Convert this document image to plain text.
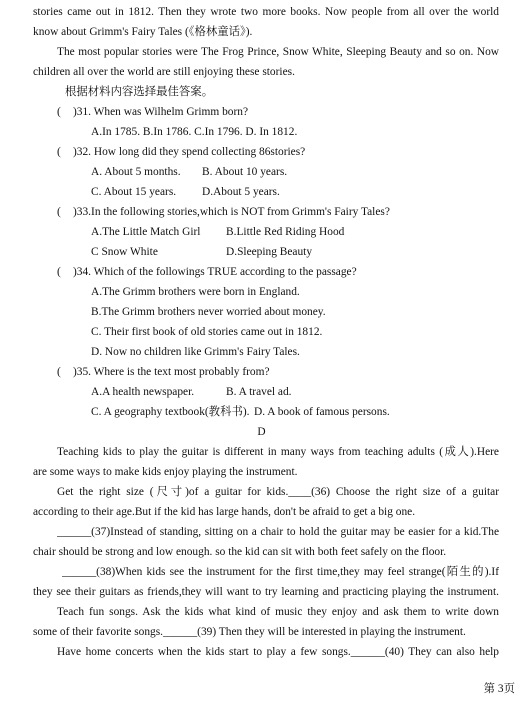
stories came out in 1812. Then they wrote two more books. Now people from all over the world
know about Grimm's Fairy Tales (《格林童话》).
The most popular stories were The Frog Prince, Snow White, Sleeping Beauty and so on. Now
children all over the world are still enjoying these stories.
根据材料内容选择最佳答案。
( )31. When was Wilhelm Grimm born?
A.In 1785. B.In 1786. C.In 1796. D. In 1812.
( )32. How long did they spend collecting 86stories?
A. About 5 months. B. About 10 years.
C. About 15 years. D.About 5 years.
( )33.In the following stories,which is NOT from Grimm's Fairy Tales?
A.The Little Match Girl B.Little Red Riding Hood
C Snow White	D.Sleeping Beauty
( )34. Which of the followings TRUE according to the passage?
A.The Grimm brothers were born in England.
B.The Grimm brothers never worried about money.
C. Their first book of old stories came out in 1812.
D. Now no children like Grimm's Fairy Tales.
( )35. Where is the text most probably from?
A.A health newspaper.	B. A travel ad.
C. A geography textbook(教科书). D. A book of famous persons.
D
Teaching kids to play the guitar is different in many ways from teaching adults (成人).Here
are some ways to make kids enjoy playing the instrument.
Get the right size (尺寸)of a guitar for kids.____(36) Choose the right size of a guitar
according to their age.But if the kid has large hands, don't be afraid to get a big one.
______(37)Instead of standing, sitting on a chair to hold the guitar may be easier for a kid.The
chair should be strong and low enough. so the kid can sit with both feet safely on the floor.
______(38)When kids see the instrument for the first time,they may feel strange(陌生的).If
they see their guitars as friends,they will want to try learning and practicing playing the instrument.
Teach fun songs. Ask the kids what kind of music they enjoy and ask them to write down
some of their favorite songs.______(39) Then they will be interested in playing the instrument.
Have home concerts when the kids start to play a few songs.______(40) They can also help
第 3页
